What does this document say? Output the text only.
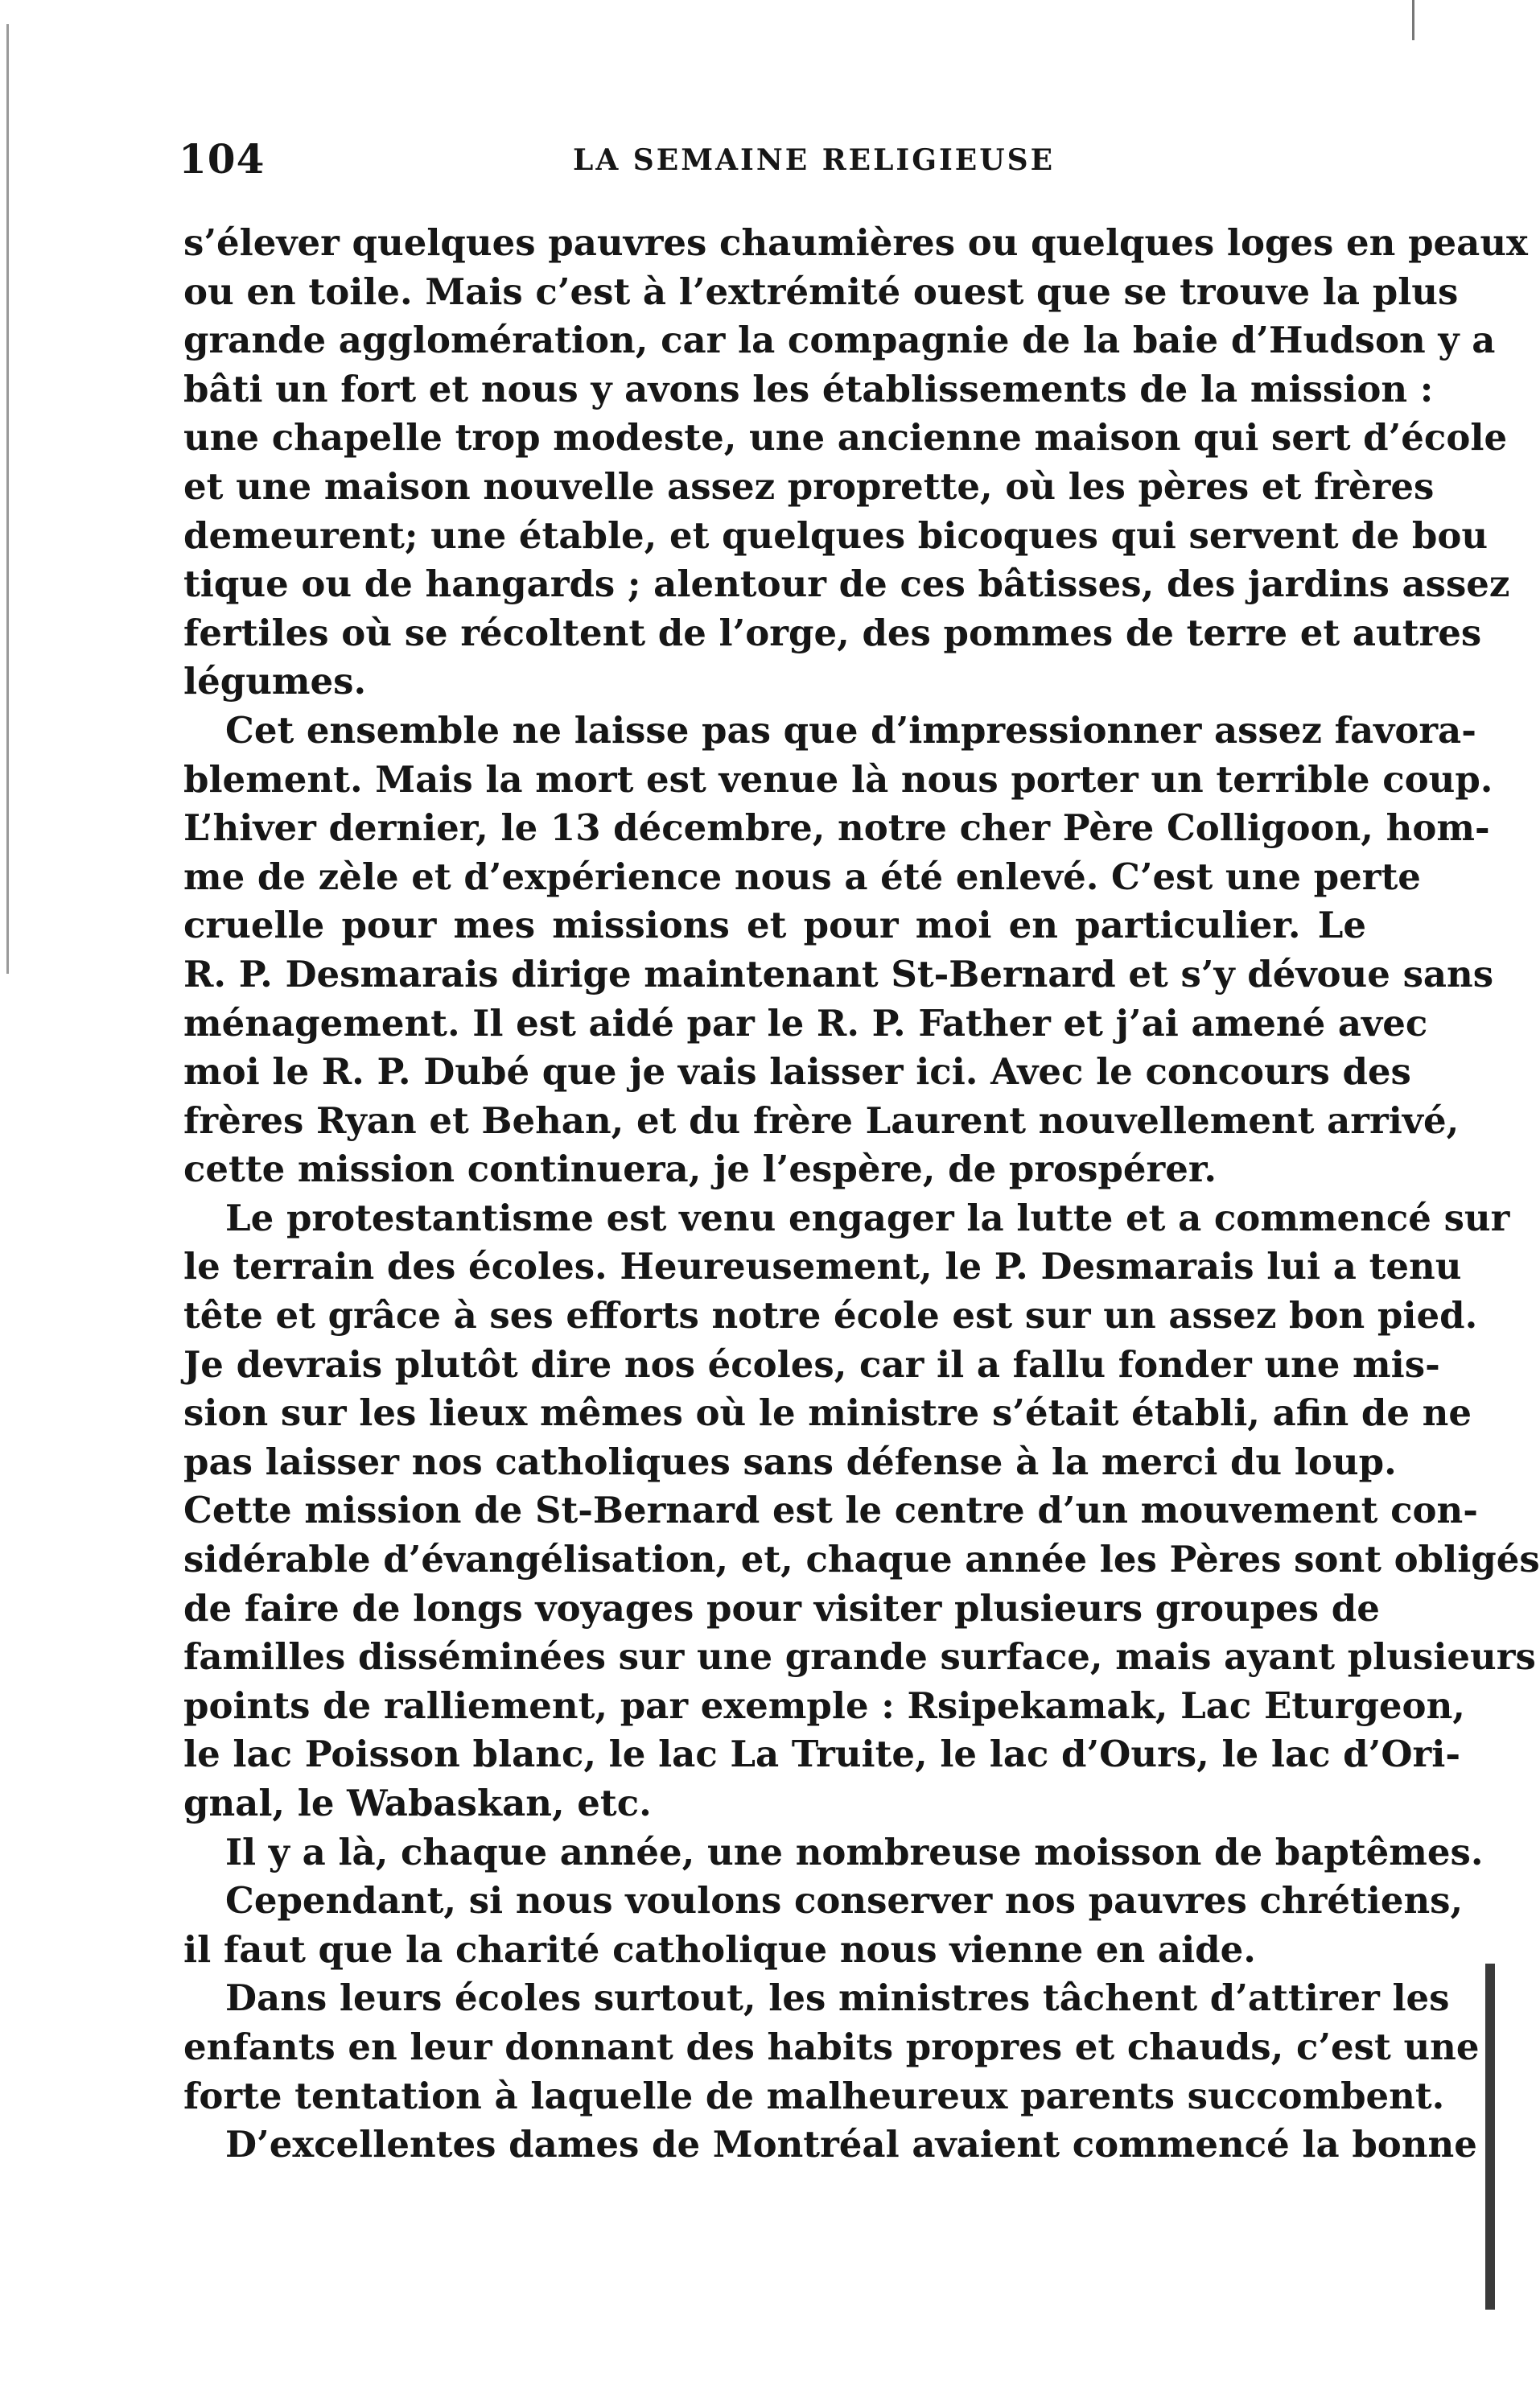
104	LA SEMAINE RELIGIEUSE
s’élever quelques pauvres chaumières ou quelques loges en peaux
ou en toile. Mais c’est à l’extrémité ouest que se trouve la plus
grande agglomération, car la compagnie de la baie d’Hudson y a
bâti un fort et nous y avons les établissements de la mission :
une chapelle trop modeste, une ancienne maison qui sert d’école
et une maison nouvelle assez proprette, où les pères et frères
demeurent; une étable, et quelques bicoques qui servent de bou
tique ou de hangards ; alentour de ces bâtisses, des jardins assez
fertiles où se récoltent de l’orge, des pommes de terre et autres
légumes.
Cet ensemble ne laisse pas que d’impressionner assez favora-
blement. Mais la mort est venue là nous porter un terrible coup.
L’hiver dernier, le 13 décembre, notre cher Père Colligoon, hom-
me de zèle et d’expérience nous a été enlevé. C’est une perte
cruelle pour mes missions et pour moi en particulier. Le
R. P. Desmarais dirige maintenant St-Bernard et s’y dévoue sans
ménagement. Il est aidé par le R. P. Father et j’ai amené avec
moi le R. P. Dubé que je vais laisser ici. Avec le concours des
frères Ryan et Behan, et du frère Laurent nouvellement arrivé,
cette mission continuera, je l’espère, de prospérer.
Le protestantisme est venu engager la lutte et a commencé sur
le terrain des écoles. Heureusement, le P. Desmarais lui a tenu
tête et grâce à ses efforts notre école est sur un assez bon pied.
Je devrais plutôt dire nos écoles, car il a fallu fonder une mis-
sion sur les lieux mêmes où le ministre s’était établi, afin de ne
pas laisser nos catholiques sans défense à la merci du loup.
Cette mission de St-Bernard est le centre d’un mouvement con-
sidérable d’évangélisation, et, chaque année les Pères sont obligés
de faire de longs voyages pour visiter plusieurs groupes de
familles disséminées sur une grande surface, mais ayant plusieurs
points de ralliement, par exemple : Rsipekamak, Lac Eturgeon,
le lac Poisson blanc, le lac La Truite, le lac d’Ours, le lac d’Ori-
gnal, le Wabaskan, etc.
Il y a là, chaque année, une nombreuse moisson de baptêmes.
Cependant, si nous voulons conserver nos pauvres chrétiens,
il faut que la charité catholique nous vienne en aide.
Dans leurs écoles surtout, les ministres tâchent d’attirer les
enfants en leur donnant des habits propres et chauds, c’est une
forte tentation à laquelle de malheureux parents succombent.
D’excellentes dames de Montréal avaient commencé la bonne
